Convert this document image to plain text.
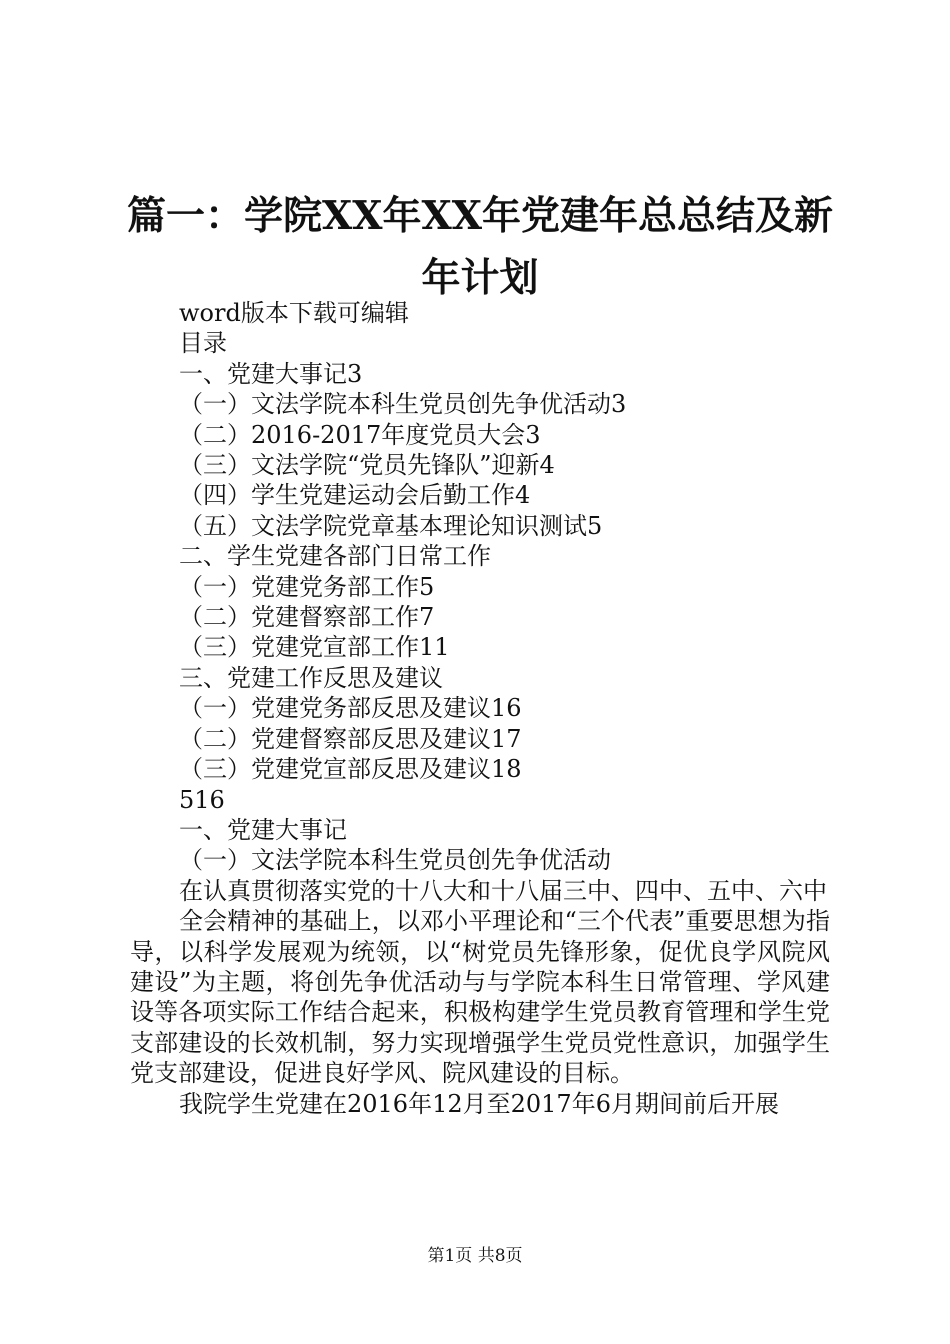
篇一：学院XX年XX年党建年总总结及新年计划
word版本下载可编辑
目录
一、党建大事记3
（一）文法学院本科生党员创先争优活动3
（二）2016-2017年度党员大会3
（三）文法学院“党员先锋队”迎新4
（四）学生党建运动会后勤工作4
（五）文法学院党章基本理论知识测试5
二、学生党建各部门日常工作
（一）党建党务部工作5
（二）党建督察部工作7
（三）党建党宣部工作11
三、党建工作反思及建议
（一）党建党务部反思及建议16
（二）党建督察部反思及建议17
（三）党建党宣部反思及建议18
516
一、党建大事记
（一）文法学院本科生党员创先争优活动
在认真贯彻落实党的十八大和十八届三中、四中、五中、六中
全会精神的基础上，以邓小平理论和“三个代表”重要思想为指导，以科学发展观为统领，以“树党员先锋形象，促优良学风院风建设”为主题，将创先争优活动与与学院本科生日常管理、学风建设等各项实际工作结合起来，积极构建学生党员教育管理和学生党支部建设的长效机制，努力实现增强学生党员党性意识，加强学生党支部建设，促进良好学风、院风建设的目标。
我院学生党建在2016年12月至2017年6月期间前后开展
第1页 共8页
